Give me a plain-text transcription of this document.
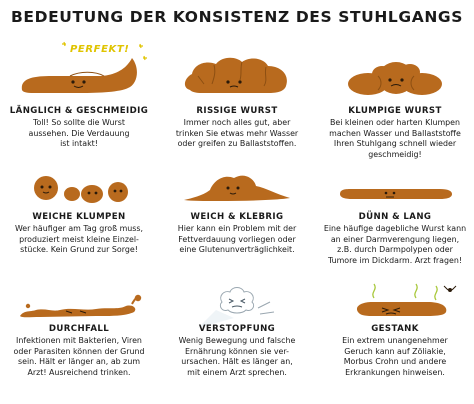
BEDEUTUNG DER KONSISTENZ DES STUHLGANGS
PERFEKT!
LÄNGLICH & GESCHMEIDIG
Toll! So sollte die Wurst
aussehen. Die Verdauung
ist intakt!
RISSIGE WURST
Immer noch alles gut, aber
trinken Sie etwas mehr Wasser
oder greifen zu Ballaststoffen.
KLUMPIGE WURST
Bei kleinen oder harten Klumpen
machen Wasser und Ballaststoffe
Ihren Stuhlgang schnell wieder
geschmeidig!
WEICHE KLUMPEN
Wer häufiger am Tag groß muss,
produziert meist kleine Einzel-
stücke. Kein Grund zur Sorge!
WEICH & KLEBRIG
Hier kann ein Problem mit der
Fettverdauung vorliegen oder
eine Glutenunverträglichkeit.
DÜNN & LANG
Eine häufige dagebliche Wurst kann
an einer Darmverengung liegen,
z.B. durch Darmpolypen oder
Tumore im Dickdarm. Arzt fragen!
DURCHFALL
Infektionen mit Bakterien, Viren
oder Parasiten können der Grund
sein. Hält er länger an, ab zum
Arzt! Ausreichend trinken.
VERSTOPFUNG
Wenig Bewegung und falsche
Ernährung können sie ver-
ursachen. Hält es länger an,
mit einem Arzt sprechen.
GESTANK
Ein extrem unangenehmer
Geruch kann auf Zöliakie,
Morbus Crohn und andere
Erkrankungen hinweisen.
